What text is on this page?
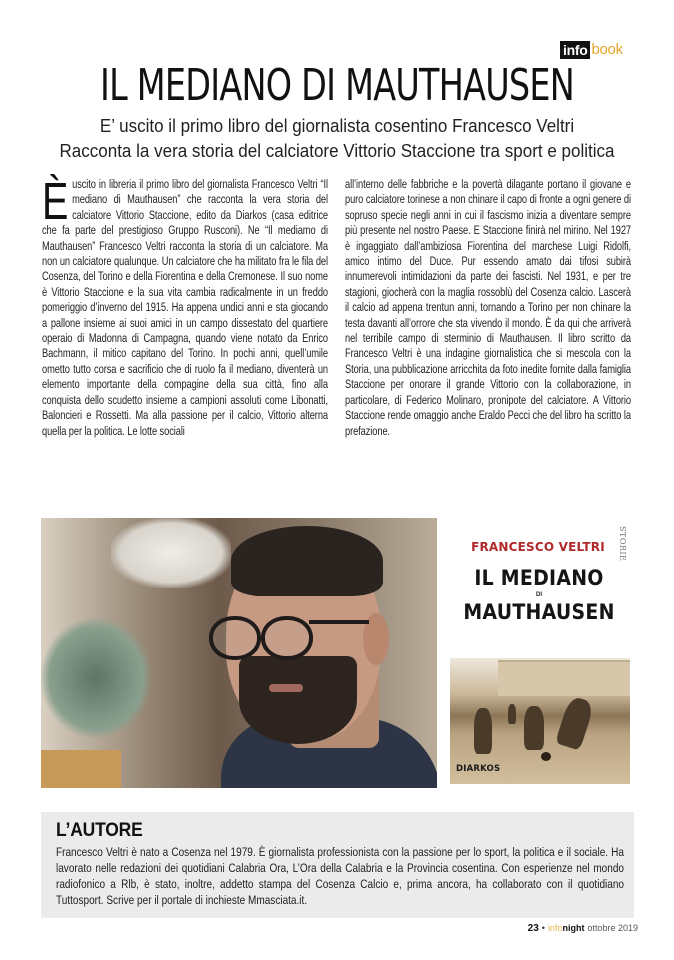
info book
IL MEDIANO DI MAUTHAUSEN
E’ uscito il primo libro del giornalista cosentino Francesco Veltri
Racconta la vera storia del calciatore Vittorio Staccione tra sport e politica
Èuscito in libreria il primo libro del giornalista Francesco Veltri “Il mediano di Mauthausen” che racconta la vera storia del calciatore Vittorio Staccione, edito da Diarkos (casa editrice che fa parte del prestigioso Gruppo Rusconi). Ne “Il mediamo di Mauthausen” Francesco Veltri racconta la storia di un calciatore. Ma non un calciatore qualunque. Un calciatore che ha militato fra le fila del Cosenza, del Torino e della Fiorentina e della Cremonese. Il suo nome è Vittorio Staccione e la sua vita cambia radicalmente in un freddo pomeriggio d’inverno del 1915. Ha appena undici anni e sta giocando a pallone insieme ai suoi amici in un campo dissestato del quartiere operaio di Madonna di Campagna, quando viene notato da Enrico Bachmann, il mitico capitano del Torino. In pochi anni, quell’umile ometto tutto corsa e sacrificio che di ruolo fa il mediano, diventerà un elemento importante della compagine della sua città, fino alla conquista dello scudetto insieme a campioni assoluti come Libonatti, Baloncieri e Rossetti. Ma alla passione per il calcio, Vittorio alterna quella per la politica. Le lotte sociali
all’interno delle fabbriche e la povertà dilagante portano il giovane e puro calciatore torinese a non chinare il capo di fronte a ogni genere di sopruso specie negli anni in cui il fascismo inizia a diventare sempre più presente nel nostro Paese. E Staccione finirà nel mirino. Nel 1927 è ingaggiato dall’ambiziosa Fiorentina del marchese Luigi Ridolfi, amico intimo del Duce. Pur essendo amato dai tifosi subirà innumerevoli intimidazioni da parte dei fascisti. Nel 1931, e per tre stagioni, giocherà con la maglia rossoblù del Cosenza calcio. Lascerà il calcio ad appena trentun anni, tornando a Torino per non chinare la testa davanti all’orrore che sta vivendo il mondo. È da qui che arriverà nel terribile campo di sterminio di Mauthausen. Il libro scritto da Francesco Veltri è una indagine giornalistica che si mescola con la Storia, una pubblicazione arricchita da foto inedite fornite dalla famiglia Staccione per onorare il grande Vittorio con la collaborazione, in particolare, di Federico Molinaro, pronipote del calciatore. A Vittorio Staccione rende omaggio anche Eraldo Pecci che del libro ha scritto la prefazione.
STORIE
FRANCESCO VELTRI
IL MEDIANO
DI
MAUTHAUSEN
DIARKOS
L’AUTORE
Francesco Veltri è nato a Cosenza nel 1979. È giornalista professionista con la passione per lo sport, la politica e il sociale. Ha lavorato nelle redazioni dei quotidiani Calabria Ora, L’Ora della Calabria e la Provincia cosentina. Con esperienze nel mondo radiofonico a Rlb, è stato, inoltre, addetto stampa del Cosenza Calcio e, prima ancora, ha collaborato con il quotidiano Tuttosport. Scrive per il portale di inchieste Mmasciata.it.
23 • infonight ottobre 2019
